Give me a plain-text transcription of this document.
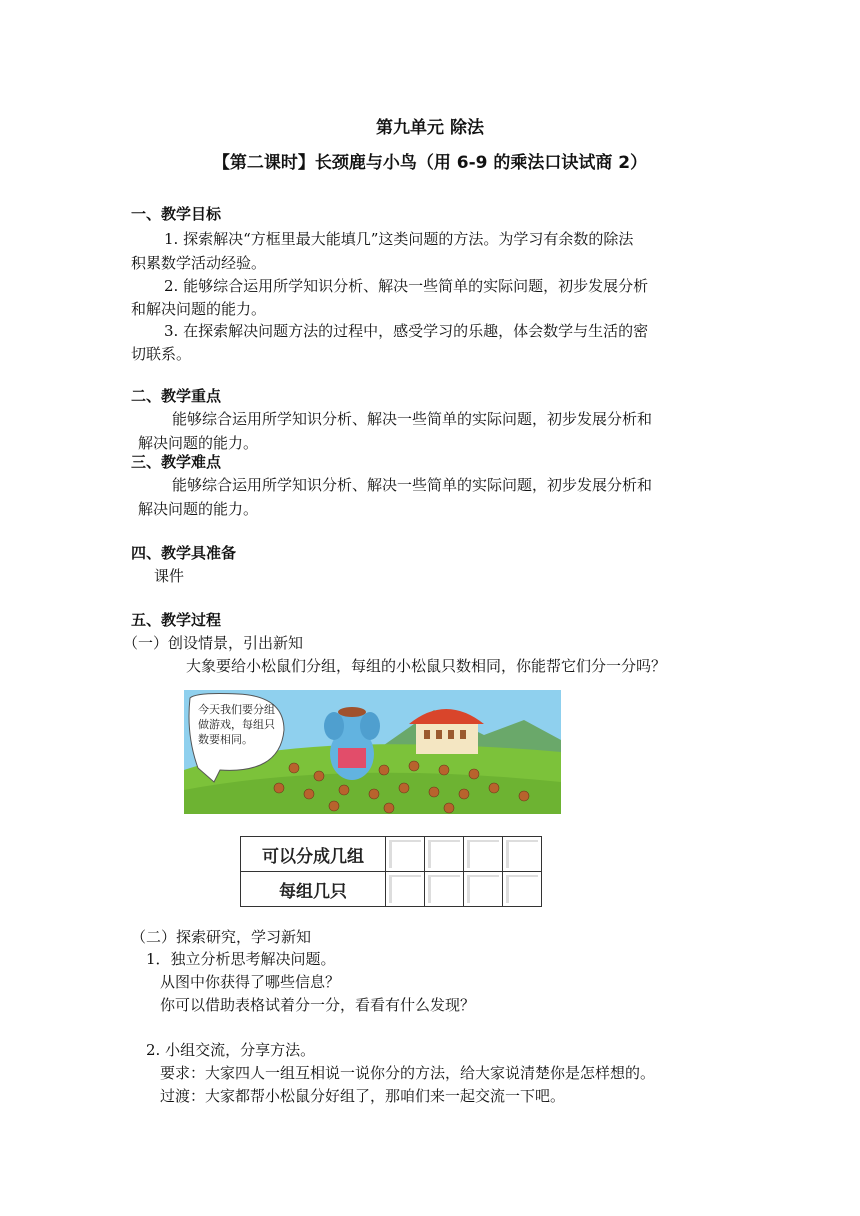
第九单元 除法
【第二课时】长颈鹿与小鸟（用 6-9 的乘法口诀试商 2）
一、教学目标
1. 探索解决“方框里最大能填几”这类问题的方法。为学习有余数的除法
积累数学活动经验。
2. 能够综合运用所学知识分析、解决一些简单的实际问题，初步发展分析
和解决问题的能力。
3. 在探索解决问题方法的过程中，感受学习的乐趣，体会数学与生活的密
切联系。
二、教学重点
能够综合运用所学知识分析、解决一些简单的实际问题，初步发展分析和
解决问题的能力。
三、教学难点
能够综合运用所学知识分析、解决一些简单的实际问题，初步发展分析和
解决问题的能力。
四、教学具准备
课件
五、教学过程
（一）创设情景，引出新知
大象要给小松鼠们分组，每组的小松鼠只数相同，你能帮它们分一分吗？
今天我们要分组
做游戏，每组只
数要相同。
可以分成几组	

每组几只	

（二）探索研究，学习新知
1．独立分析思考解决问题。
从图中你获得了哪些信息？
你可以借助表格试着分一分，看看有什么发现？
2. 小组交流，分享方法。
要求：大家四人一组互相说一说你分的方法，给大家说清楚你是怎样想的。
过渡：大家都帮小松鼠分好组了，那咱们来一起交流一下吧。
